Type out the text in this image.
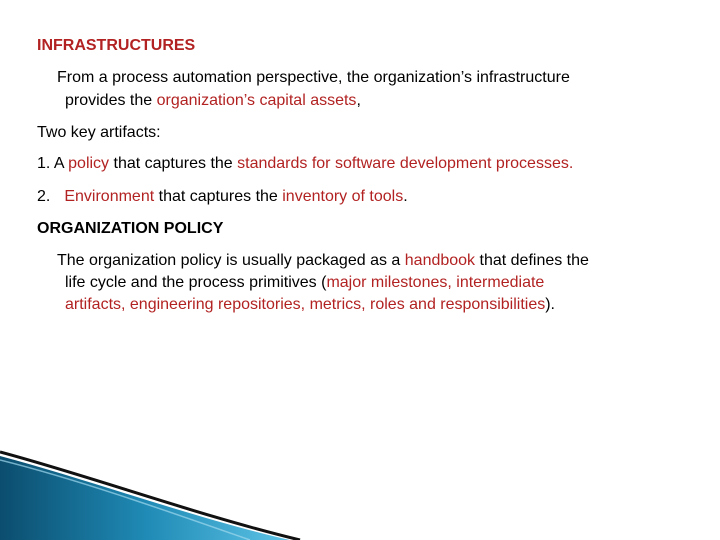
INFRASTRUCTURES
From a process automation perspective, the organization’s infrastructure
provides the organization’s capital assets,
Two key artifacts:
1. A policy that captures the standards for software development processes.
2. Environment that captures the inventory of tools.
ORGANIZATION POLICY
The organization policy is usually packaged as a handbook that defines the
life cycle and the process primitives (major milestones, intermediate
artifacts, engineering repositories, metrics, roles and responsibilities).
